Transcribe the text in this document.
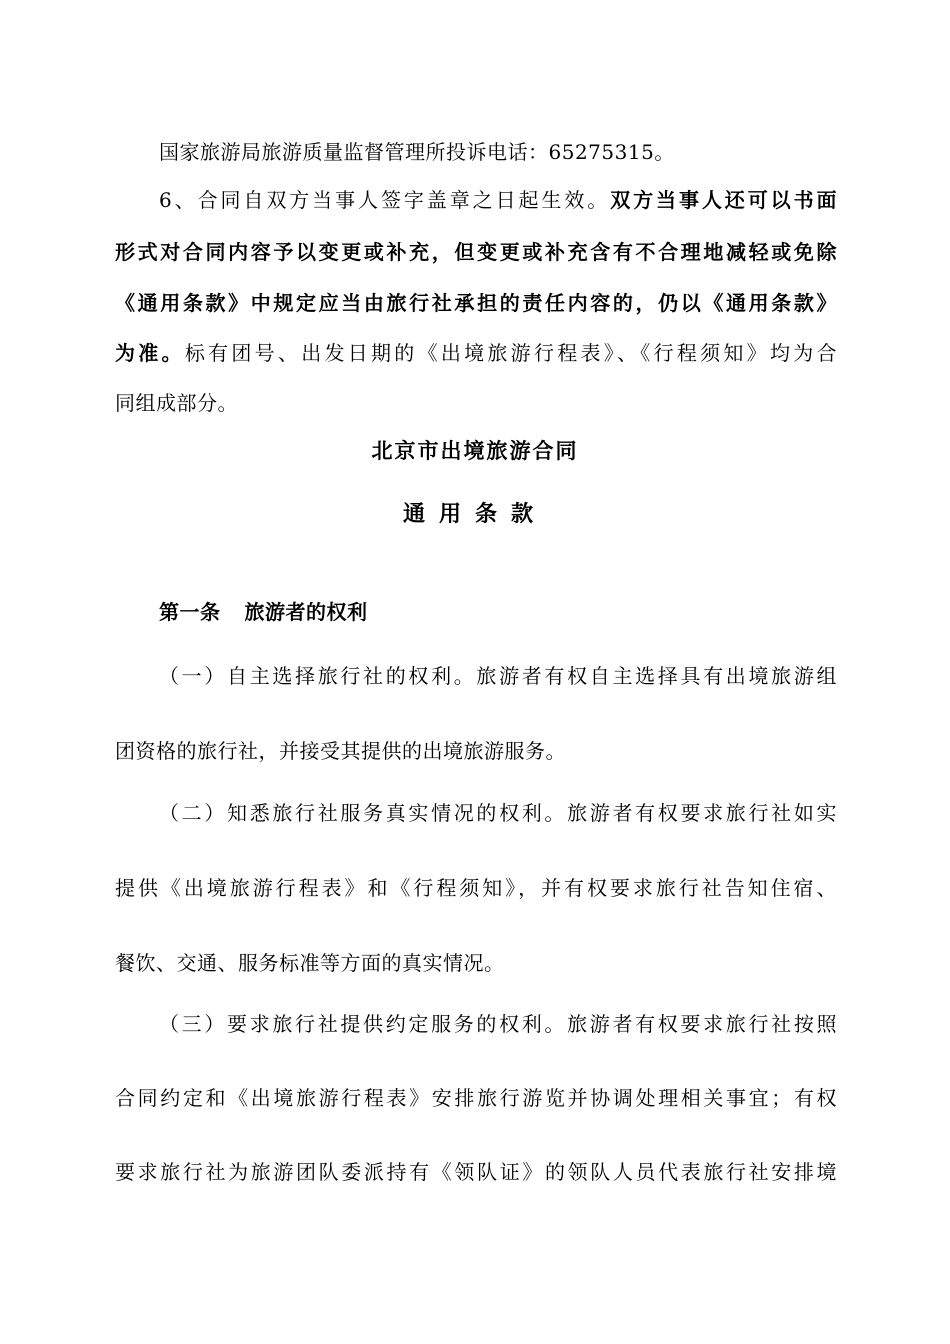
国家旅游局旅游质量监督管理所投诉电话：65275315。
6、合同自双方当事人签字盖章之日起生效。双方当事人还可以书面
形式对合同内容予以变更或补充，但变更或补充含有不合理地减轻或免除
《通用条款》中规定应当由旅行社承担的责任内容的，仍以《通用条款》
为准。标有团号、出发日期的《出境旅游行程表》、《行程须知》均为合
同组成部分。
北京市出境旅游合同
通用条款
第一条 旅游者的权利
（一）自主选择旅行社的权利。旅游者有权自主选择具有出境旅游组
团资格的旅行社，并接受其提供的出境旅游服务。
（二）知悉旅行社服务真实情况的权利。旅游者有权要求旅行社如实
提供《出境旅游行程表》和《行程须知》，并有权要求旅行社告知住宿、
餐饮、交通、服务标准等方面的真实情况。
（三）要求旅行社提供约定服务的权利。旅游者有权要求旅行社按照
合同约定和《出境旅游行程表》安排旅行游览并协调处理相关事宜；有权
要求旅行社为旅游团队委派持有《领队证》的领队人员代表旅行社安排境
